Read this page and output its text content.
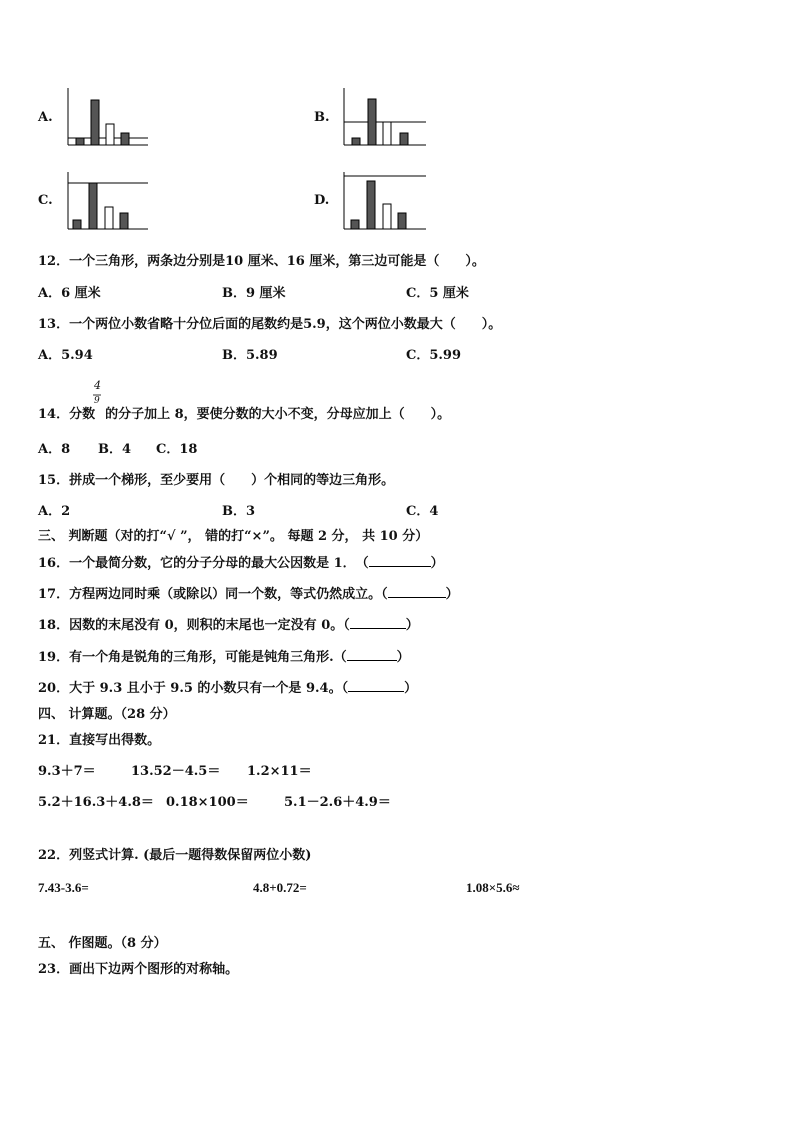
A.	B.
C.	D.
12．一个三角形，两条边分别是10 厘米、16 厘米，第三边可能是（　　）。
A．6 厘米	B．9 厘米	C．5 厘米
13．一个两位小数省略十分位后面的尾数约是5.9，这个两位小数最大（　　）。
A．5.94	B．5.89	C．5.99
14．分数 的分子加上 8，要使分数的大小不变，分母应加上（　　）。
4
9
A．8 B．4 C．18
15．拼成一个梯形，至少要用（　　）个相同的等边三角形。
A．2	B．3	C．4
三、 判断题（对的打“√ ”， 错的打“×”。 每题 2 分， 共 10 分）
16．一个最简分数，它的分子分母的最大公因数是 1．　（	）
17．方程两边同时乘（或除以）同一个数，等式仍然成立。（	）
18．因数的末尾没有 0，则积的末尾也一定没有 0。（	）
19．有一个角是锐角的三角形，可能是钝角三角形.（	）
20．大于 9.3 且小于 9.5 的小数只有一个是 9.4。（	）
四、 计算题。（28 分）
21．直接写出得数。
9.3＋7＝	13.52－4.5＝ 1.2×11＝
5.2＋16.3＋4.8＝ 0.18×100＝	5.1－2.6＋4.9＝
22．列竖式计算. (最后一题得数保留两位小数)
7.43-3.6=	4.8+0.72=	1.08×5.6≈
五、 作图题。（8 分）
23．画出下边两个图形的对称轴。
